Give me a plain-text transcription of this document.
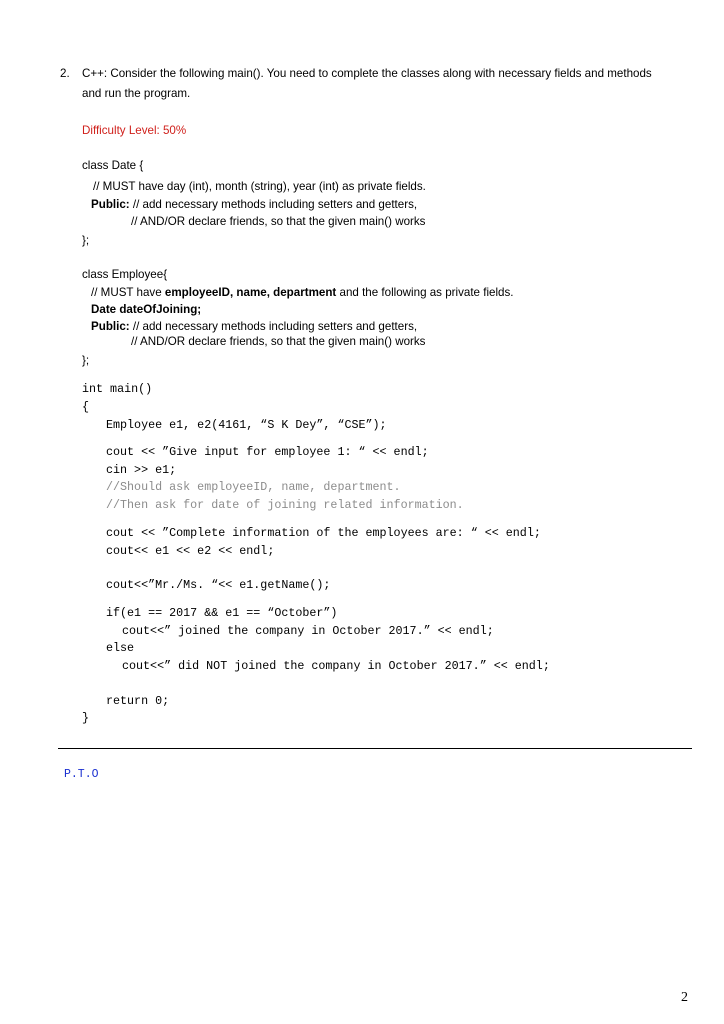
2. C++: Consider the following main(). You need to complete the classes along with necessary fields and methods
and run the program.
Difficulty Level: 50%
class Date {
// MUST have day (int), month (string), year (int) as private fields.
Public: // add necessary methods including setters and getters,
// AND/OR declare friends, so that the given main() works
};
class Employee{
// MUST have employeeID, name, department and the following as private fields.
Date dateOfJoining;
Public: // add necessary methods including setters and getters,
// AND/OR declare friends, so that the given main() works
};
int main()
{
Employee e1, e2(4161, “S K Dey”, “CSE”);
cout << ”Give input for employee 1: “ << endl;
cin >> e1;
//Should ask employeeID, name, department.
//Then ask for date of joining related information.
cout << ”Complete information of the employees are: “ << endl;
cout<< e1 << e2 << endl;
cout<<”Mr./Ms. “<< e1.getName();
if(e1 == 2017 && e1 == “October”)
cout<<” joined the company in October 2017.” << endl;
else
cout<<” did NOT joined the company in October 2017.” << endl;
return 0;
}
P.T.O
2
